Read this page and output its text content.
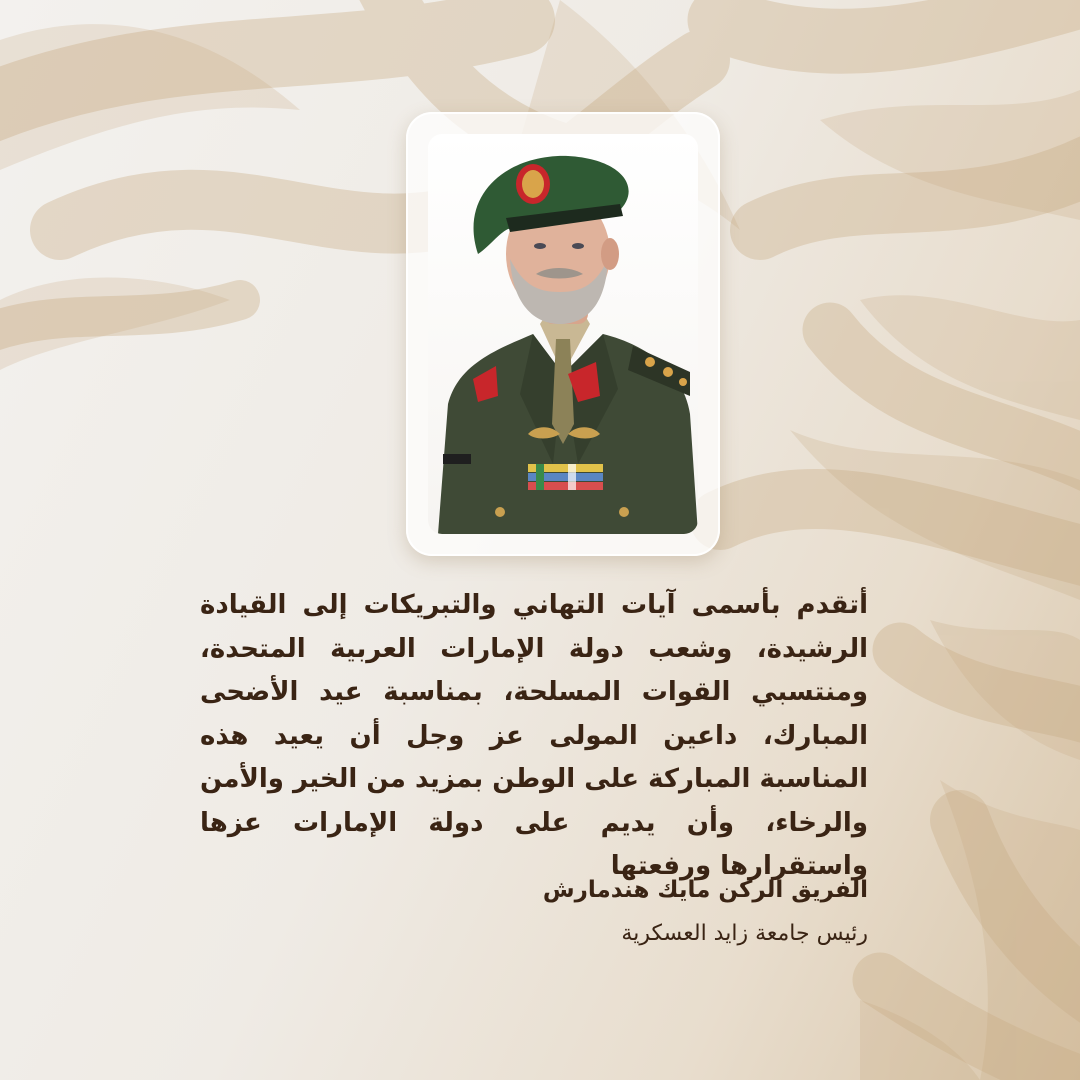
أتقدم بأسمى آيات التهاني والتبريكات إلى القيادة الرشيدة، وشعب دولة الإمارات العربية المتحدة، ومنتسبي القوات المسلحة، بمناسبة عيد الأضحى المبارك، داعين المولى عز وجل أن يعيد هذه المناسبة المباركة على الوطن بمزيد من الخير والأمن والرخاء، وأن يديم على دولة الإمارات عزها واستقرارها ورفعتها

الفريق الركن مايك هندمارش
رئيس جامعة زايد العسكرية
